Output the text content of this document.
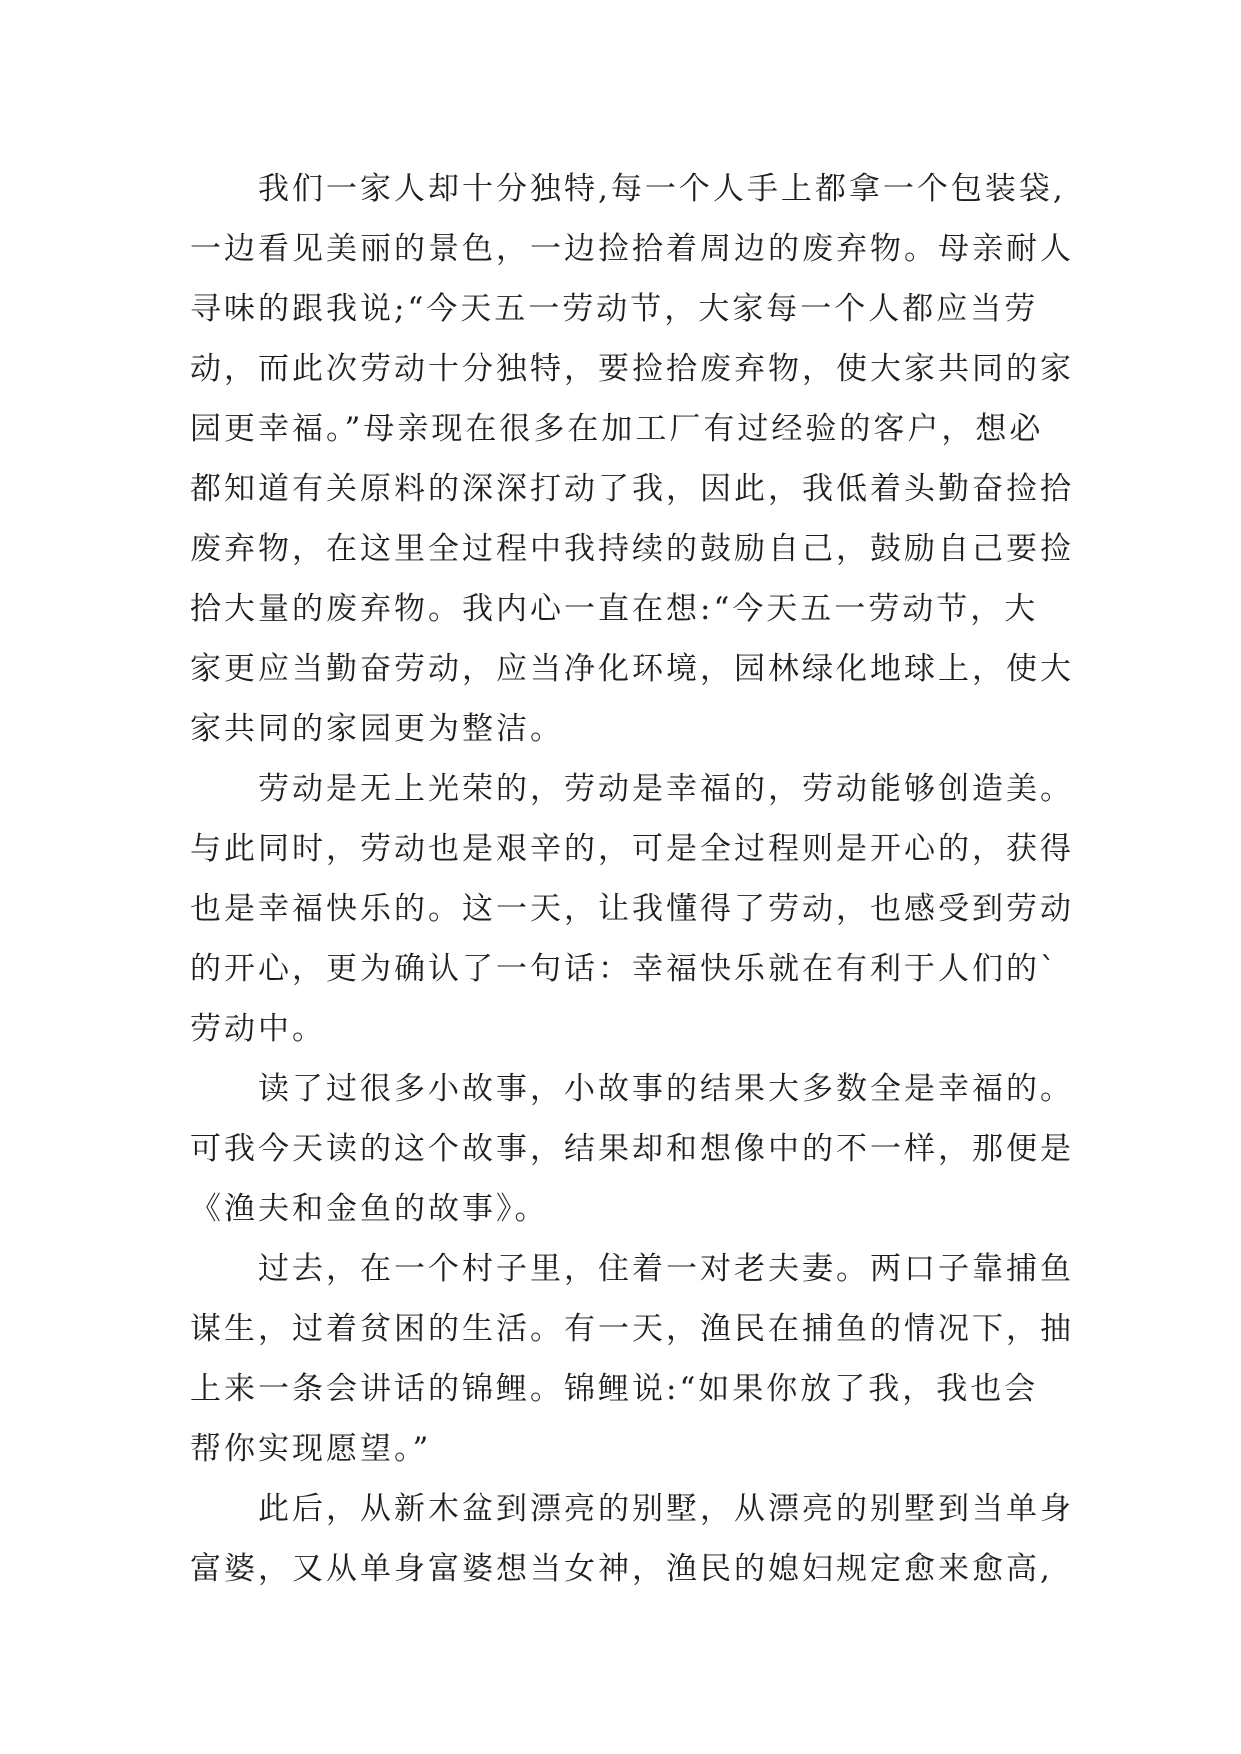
我们一家人却十分独特,每一个人手上都拿一个包装袋,
一边看见美丽的景色，一边捡拾着周边的废弃物。母亲耐人
寻味的跟我说;“今天五一劳动节，大家每一个人都应当劳
动，而此次劳动十分独特，要捡拾废弃物，使大家共同的家
园更幸福。”母亲现在很多在加工厂有过经验的客户，想必
都知道有关原料的深深打动了我，因此，我低着头勤奋捡拾
废弃物，在这里全过程中我持续的鼓励自己，鼓励自己要捡
拾大量的废弃物。我内心一直在想:“今天五一劳动节，大
家更应当勤奋劳动，应当净化环境，园林绿化地球上，使大
家共同的家园更为整洁。

劳动是无上光荣的，劳动是幸福的，劳动能够创造美。
与此同时，劳动也是艰辛的，可是全过程则是开心的，获得
也是幸福快乐的。这一天，让我懂得了劳动，也感受到劳动
的开心，更为确认了一句话：幸福快乐就在有利于人们的`
劳动中。

读了过很多小故事，小故事的结果大多数全是幸福的。
可我今天读的这个故事，结果却和想像中的不一样，那便是
《渔夫和金鱼的故事》。

过去，在一个村子里，住着一对老夫妻。两口子靠捕鱼
谋生，过着贫困的生活。有一天，渔民在捕鱼的情况下，抽
上来一条会讲话的锦鲤。锦鲤说:“如果你放了我，我也会
帮你实现愿望。”

此后，从新木盆到漂亮的别墅，从漂亮的别墅到当单身
富婆，又从单身富婆想当女神，渔民的媳妇规定愈来愈高,
